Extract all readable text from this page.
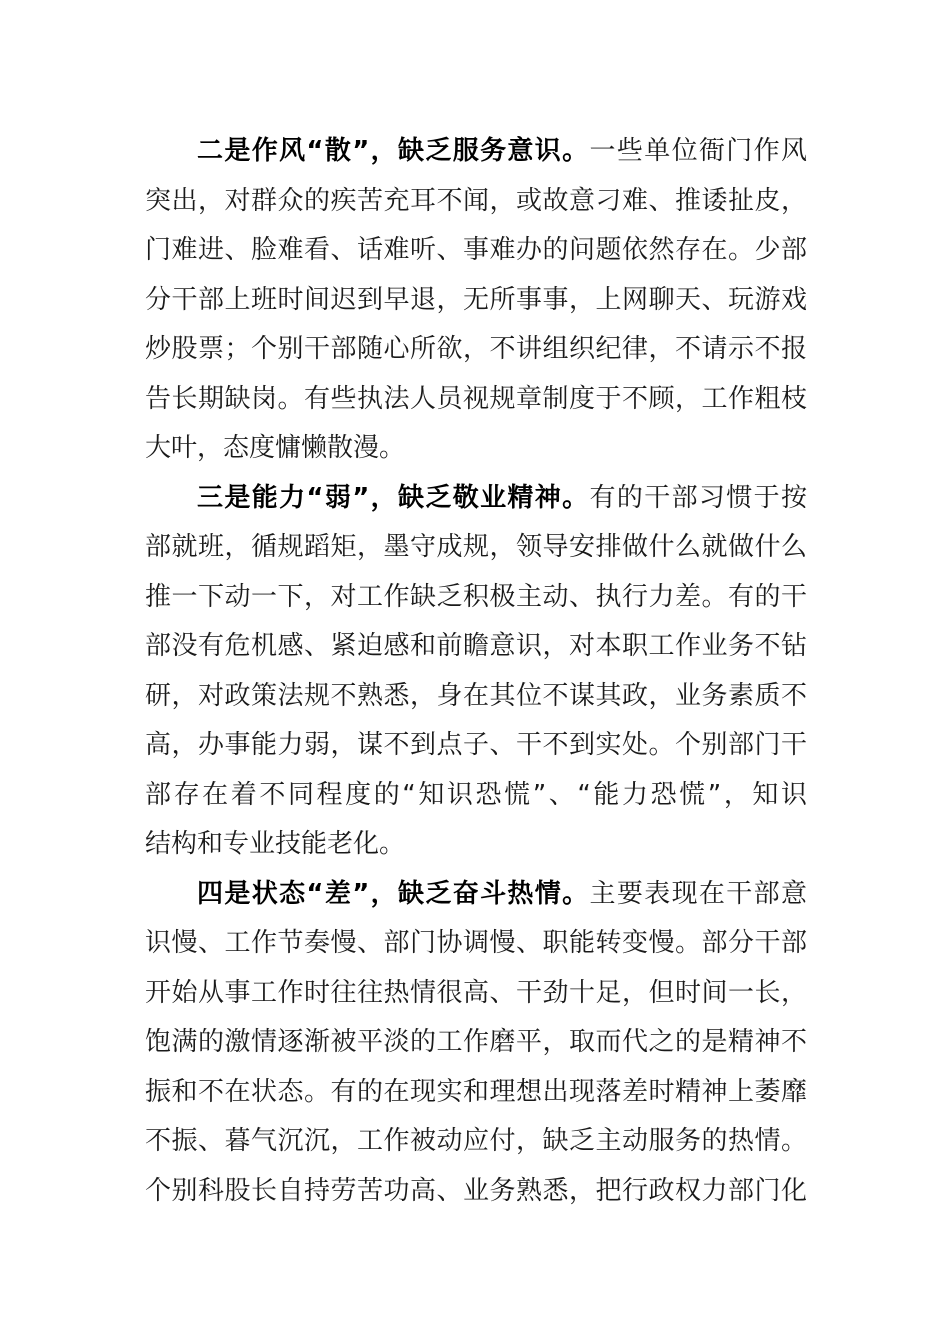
二是作风“散”，缺乏服务意识。一些单位衙门作风
突出，对群众的疾苦充耳不闻，或故意刁难、推诿扯皮，
门难进、脸难看、话难听、事难办的问题依然存在。少部
分干部上班时间迟到早退，无所事事，上网聊天、玩游戏
炒股票；个别干部随心所欲，不讲组织纪律，不请示不报
告长期缺岗。有些执法人员视规章制度于不顾，工作粗枝
大叶，态度慵懒散漫。
三是能力“弱”，缺乏敬业精神。有的干部习惯于按
部就班，循规蹈矩，墨守成规，领导安排做什么就做什么
推一下动一下，对工作缺乏积极主动、执行力差。有的干
部没有危机感、紧迫感和前瞻意识，对本职工作业务不钻
研，对政策法规不熟悉，身在其位不谋其政，业务素质不
高，办事能力弱，谋不到点子、干不到实处。个别部门干
部存在着不同程度的“知识恐慌”、“能力恐慌”，知识
结构和专业技能老化。
四是状态“差”，缺乏奋斗热情。主要表现在干部意
识慢、工作节奏慢、部门协调慢、职能转变慢。部分干部
开始从事工作时往往热情很高、干劲十足，但时间一长，
饱满的激情逐渐被平淡的工作磨平，取而代之的是精神不
振和不在状态。有的在现实和理想出现落差时精神上萎靡
不振、暮气沉沉，工作被动应付，缺乏主动服务的热情。
个别科股长自持劳苦功高、业务熟悉，把行政权力部门化
